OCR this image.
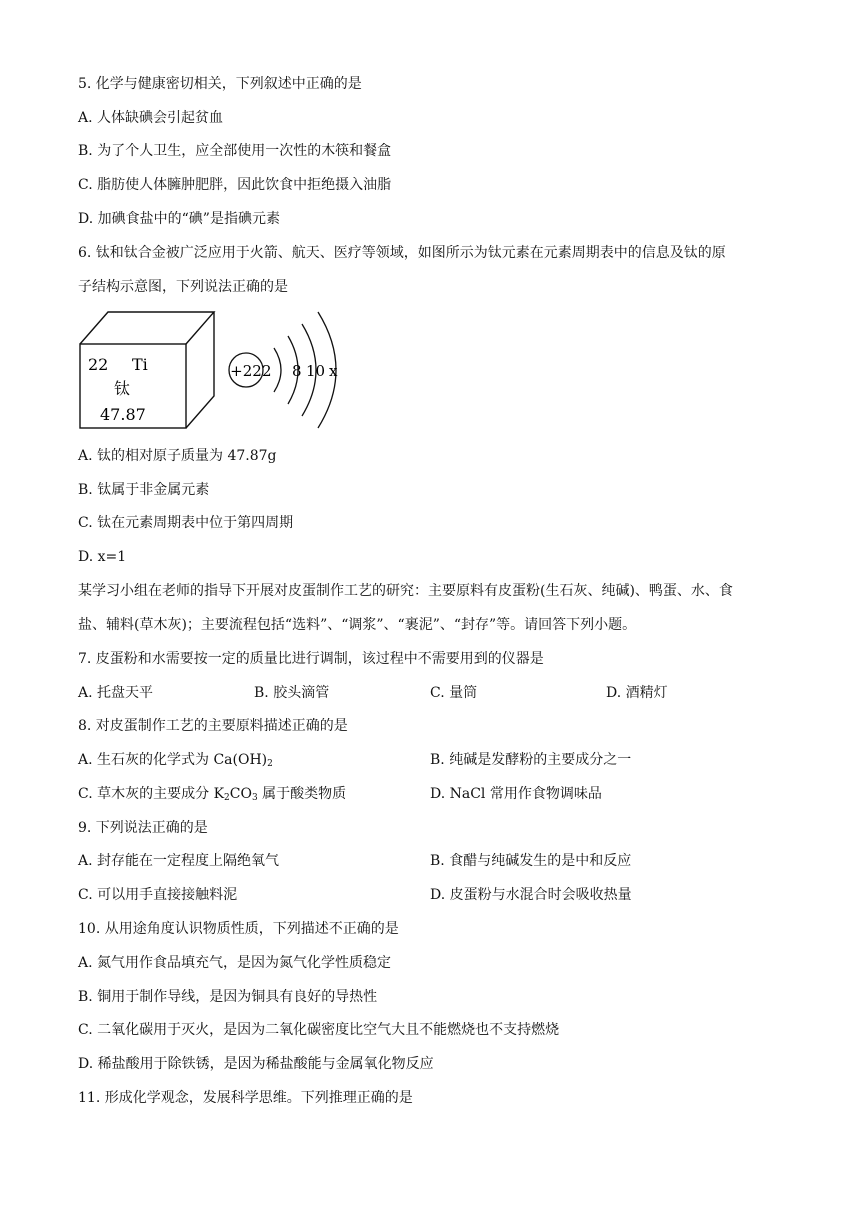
5. 化学与健康密切相关，下列叙述中正确的是
A. 人体缺碘会引起贫血
B. 为了个人卫生，应全部使用一次性的木筷和餐盒
C. 脂肪使人体臃肿肥胖，因此饮食中拒绝摄入油脂
D. 加碘食盐中的“碘”是指碘元素
6. 钛和钛合金被广泛应用于火箭、航天、医疗等领域，如图所示为钛元素在元素周期表中的信息及钛的原
子结构示意图，下列说法正确的是
22 Ti
钛
47.87
+22 2 8 10 x
A. 钛的相对原子质量为 47.87g
B. 钛属于非金属元素
C. 钛在元素周期表中位于第四周期
D. x=1
某学习小组在老师的指导下开展对皮蛋制作工艺的研究：主要原料有皮蛋粉(生石灰、纯碱)、鸭蛋、水、食
盐、辅料(草木灰)；主要流程包括“选料”、“调浆”、“裹泥”、“封存”等。请回答下列小题。
7. 皮蛋粉和水需要按一定的质量比进行调制，该过程中不需要用到的仪器是
A. 托盘天平	B. 胶头滴管	C. 量筒	D. 酒精灯
8. 对皮蛋制作工艺的主要原料描述正确的是
A. 生石灰的化学式为 $Ca(OH)_2$	B. 纯碱是发酵粉的主要成分之一
C. 草木灰的主要成分 $K_2CO_3$ 属于酸类物质	D. NaCl 常用作食物调味品
9. 下列说法正确的是
A. 封存能在一定程度上隔绝氧气	B. 食醋与纯碱发生的是中和反应
C. 可以用手直接接触料泥	D. 皮蛋粉与水混合时会吸收热量
10. 从用途角度认识物质性质，下列描述不正确的是
A. 氮气用作食品填充气，是因为氮气化学性质稳定
B. 铜用于制作导线，是因为铜具有良好的导热性
C. 二氧化碳用于灭火，是因为二氧化碳密度比空气大且不能燃烧也不支持燃烧
D. 稀盐酸用于除铁锈，是因为稀盐酸能与金属氧化物反应
11. 形成化学观念，发展科学思维。下列推理正确的是
